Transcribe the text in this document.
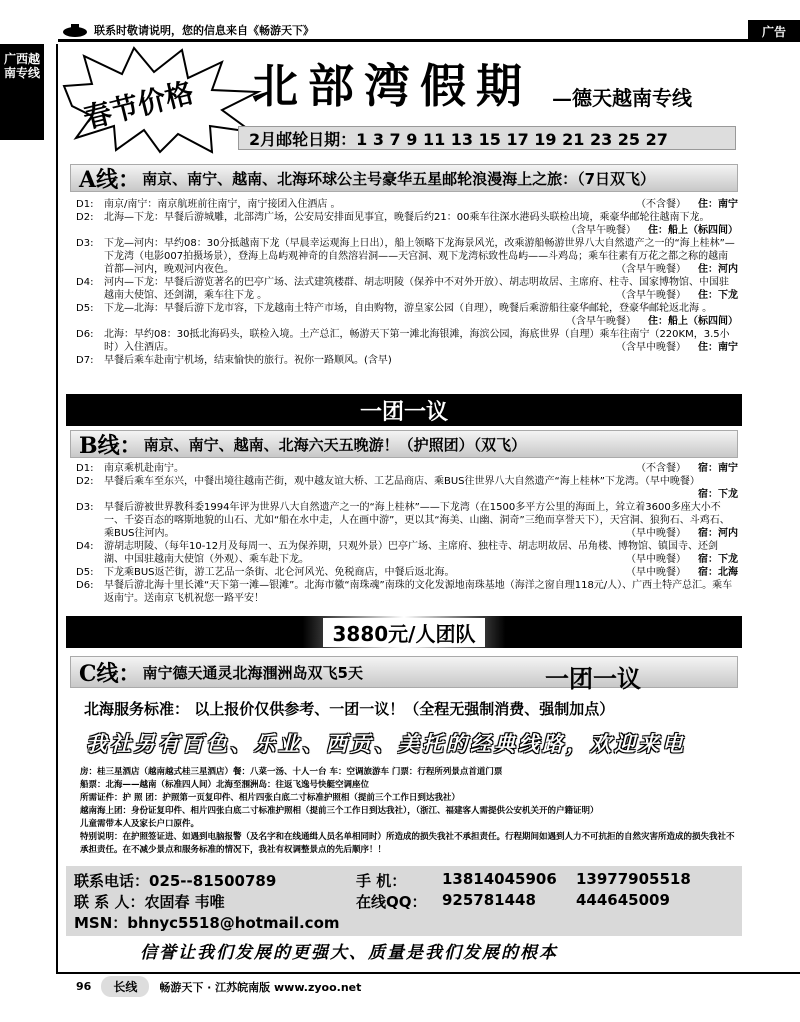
联系时敬请说明，您的信息来自《畅游天下》	广告
广西越
南专线
春节价格 北部湾假期 —德天越南专线
2月邮轮日期：1 3 7 9 11 13 15 17 19 21 23 25 27
A线： 南京、南宁、越南、北海环球公主号豪华五星邮轮浪漫海上之旅：（7日双飞）
D1:	南京/南宁：南京航班前往南宁，南宁接团入住酒店 。	住：南宁
（不含餐）
D2:	北海—下龙：早餐后游城雕，北部湾广场，公安局安排面见事宜，晚餐后约21：00乘车往深水港码头联检出境，乘豪华邮轮往越南下龙。
住：船上（标四间）
（含早午晚餐）
D3:	下龙—河内：早约08：30分抵越南下龙（早晨幸运观海上日出），船上领略下龙海景风光，改乘游船畅游世界八大自然遗产之一的“海上桂林”—下龙湾（电影007拍摄场景），登海上岛屿观神奇的自然溶岩洞——天宫洞、观下龙湾标致性岛屿——斗鸡岛；乘车往素有万花之都之称的越南首都—河内，晚观河内夜色。	住：河内
（含早午晚餐）
D4:	河内—下龙：早餐后游览著名的巴亭广场、法式建筑楼群、胡志明陵（保养中不对外开放）、胡志明故居、主席府、柱寺、国家博物馆、中国驻越南大使馆、还剑湖，乘车往下龙 。	住：下龙
（含早午晚餐）
D5:	下龙—北海：早餐后游下龙市容，下龙越南土特产市场，自由购物，游皇家公园（自理），晚餐后乘游船往豪华邮轮，登豪华邮轮返北海 。
住：船上（标四间）
（含早午晚餐）
D6:	北海：早约08：30抵北海码头，联检入境。土产总汇，畅游天下第一滩北海银滩，海滨公园，海底世界（自理）乘车往南宁（220KM，3.5小时）入住酒店。	住：南宁
（含早中晚餐）
D7:	早餐后乘车赴南宁机场，结束愉快的旅行。祝你一路顺风。(含早)
一团一议
B线： 南京、南宁、越南、北海六天五晚游！（护照团）（双飞）
D1:	南京乘机赴南宁。	宿：南宁
（不含餐）
D2:	早餐后乘车至东兴，中餐出境往越南芒街，观中越友谊大桥、工艺品商店、乘BUS往世界八大自然遗产“海上桂林”下龙湾。（早中晚餐）
宿：下龙
D3:	早餐后游被世界教科委1994年评为世界八大自然遗产之一的“海上桂林”——下龙湾（在1500多平方公里的海面上，耸立着3600多座大小不一、千姿百态的喀斯地貌的山石、尤如“船在水中走，人在画中游”，更以其“海美、山幽、洞奇”三绝而享誉天下），天宫洞、狼狗石、斗鸡石、乘BUS往河内。	宿：河内
（早中晚餐）
D4:	游胡志明陵、（每年10-12月及每周一、五为保养期，只观外景）巴亭广场、主席府、独柱寺、胡志明故居、吊角楼、博物馆、镇国寺、还剑湖、中国驻越南大使馆（外观）、乘车赴下龙。	宿：下龙
（早中晚餐）
D5:	下龙乘BUS返芒街，游工艺品一条街、北仑河风光、免税商店，中餐后返北海。	宿：北海
（早中晚餐）
D6:	早餐后游北海十里长滩“天下第一滩—银滩”。北海市徽“南珠魂”南珠的文化发源地南珠基地（海洋之窗自理118元/人）、广西土特产总汇。乘车返南宁。送南京飞机祝您一路平安！
3880元/人团队
C线： 南宁德天通灵北海涠洲岛双飞5天	一团一议
北海服务标准： 以上报价仅供参考、一团一议！（全程无强制消费、强制加点）
我社另有百色、乐业、西贡、美托的经典线路，欢迎来电
房：桂三星酒店（越南越式桂三星酒店）餐：八菜一汤、十人一台 车：空调旅游车 门票：行程所列景点首道门票
船票：北海——越南（标准四人间）北海至涠洲岛：往返飞逸号快艇空调座位
所需证件：护 照 团：护照第一页复印件、相片四张白底二寸标准护照相（提前三个工作日到达我社）
越南海上团：身份证复印件、相片四张白底二寸标准护照相（提前三个工作日到达我社），（浙江、福建客人需提供公安机关开的户籍证明）
儿童需带本人及家长户口原件。
特别说明：在护照签证进、如遇到电脑报警（及名字和在线通缉人员名单相同时）所造成的损失我社不承担责任。行程期间如遇到人力不可抗拒的自然灾害所造成的损失我社不承担责任。在不减少景点和服务标准的情况下，我社有权调整景点的先后顺序！！
联系电话：025--81500789
联 系 人：农固春 韦唯
MSN：bhnyc5518@hotmail.com
手 机： 13814045906 13977905518
在线QQ： 925781448	444645009
信誉让我们发展的更强大、质量是我们发展的根本
96	长线	畅游天下 · 江苏皖南版 www.zyoo.net
